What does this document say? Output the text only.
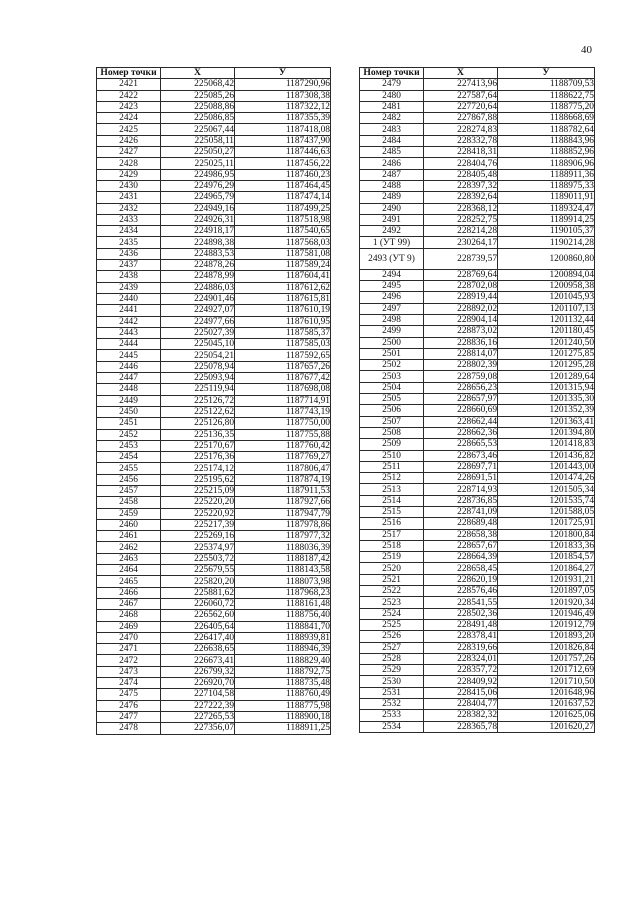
40
Номер точки	X	У
2421	225068,42	1187290,96
2422	225085,26	1187308,38
2423	225088,86	1187322,12
2424	225086,85	1187355,39
2425	225067,44	1187418,08
2426	225058,11	1187437,90
2427	225050,27	1187446,63
2428	225025,11	1187456,22
2429	224986,95	1187460,23
2430	224976,29	1187464,45
2431	224965,79	1187474,14
2432	224949,16	1187499,25
2433	224926,31	1187518,98
2434	224918,17	1187540,65
2435	224898,38	1187568,03
2436	224883,53	1187581,08
2437	224878,26	1187589,24
2438	224878,99	1187604,41
2439	224886,03	1187612,62
2440	224901,46	1187615,81
2441	224927,07	1187610,19
2442	224977,66	1187610,95
2443	225027,39	1187585,37
2444	225045,10	1187585,03
2445	225054,21	1187592,65
2446	225078,94	1187657,26
2447	225093,94	1187677,42
2448	225119,94	1187698,08
2449	225126,72	1187714,91
2450	225122,62	1187743,19
2451	225126,80	1187750,00
2452	225136,35	1187755,88
2453	225170,67	1187760,42
2454	225176,36	1187769,27
2455	225174,12	1187806,47
2456	225195,62	1187874,19
2457	225215,09	1187911,53
2458	225220,20	1187927,66
2459	225220,92	1187947,79
2460	225217,39	1187978,86
2461	225269,16	1187977,32
2462	225374,97	1188036,39
2463	225503,72	1188187,42
2464	225679,55	1188143,58
2465	225820,20	1188073,98
2466	225881,62	1187968,23
2467	226060,72	1188161,48
2468	226562,60	1188756,40
2469	226405,64	1188841,70
2470	226417,40	1188939,81
2471	226638,65	1188946,39
2472	226673,41	1188829,40
2473	226799,32	1188792,75
2474	226920,70	1188735,48
2475	227104,58	1188760,49
2476	227222,39	1188775,98
2477	227265,53	1188900,18
2478	227356,07	1188911,25
Номер точки	X	У
2479	227413,96	1188709,53
2480	227587,64	1188622,75
2481	227720,64	1188775,20
2482	227867,88	1188668,69
2483	228274,83	1188782,64
2484	228332,78	1188843,96
2485	228418,31	1188852,96
2486	228404,76	1188906,96
2487	228405,48	1188911,36
2488	228397,32	1188975,33
2489	228392,64	1189011,91
2490	228368,12	1189324,47
2491	228252,75	1189914,25
2492	228214,28	1190105,37
1 (УТ 99)	230264,17	1190214,28
2493 (УТ 9)	228739,57	1200860,80
2494	228769,64	1200894,04
2495	228702,08	1200958,38
2496	228919,44	1201045,93
2497	228892,02	1201107,13
2498	228904,14	1201132,44
2499	228873,02	1201180,45
2500	228836,16	1201240,50
2501	228814,07	1201275,85
2502	228802,39	1201295,28
2503	228759,08	1201289,64
2504	228656,23	1201315,94
2505	228657,97	1201335,30
2506	228660,69	1201352,39
2507	228662,44	1201363,41
2508	228662,36	1201394,80
2509	228665,53	1201418,83
2510	228673,46	1201436,82
2511	228697,71	1201443,00
2512	228691,51	1201474,26
2513	228714,93	1201505,34
2514	228736,85	1201535,74
2515	228741,09	1201588,05
2516	228689,48	1201725,91
2517	228658,38	1201800,84
2518	228657,67	1201833,36
2519	228664,39	1201854,57
2520	228658,45	1201864,27
2521	228620,19	1201931,21
2522	228576,46	1201897,05
2523	228541,55	1201920,34
2524	228502,36	1201946,49
2525	228491,48	1201912,79
2526	228378,41	1201893,20
2527	228319,66	1201826,84
2528	228324,01	1201757,26
2529	228357,72	1201712,69
2530	228409,92	1201710,50
2531	228415,06	1201648,96
2532	228404,77	1201637,52
2533	228382,32	1201625,06
2534	228365,78	1201620,27
